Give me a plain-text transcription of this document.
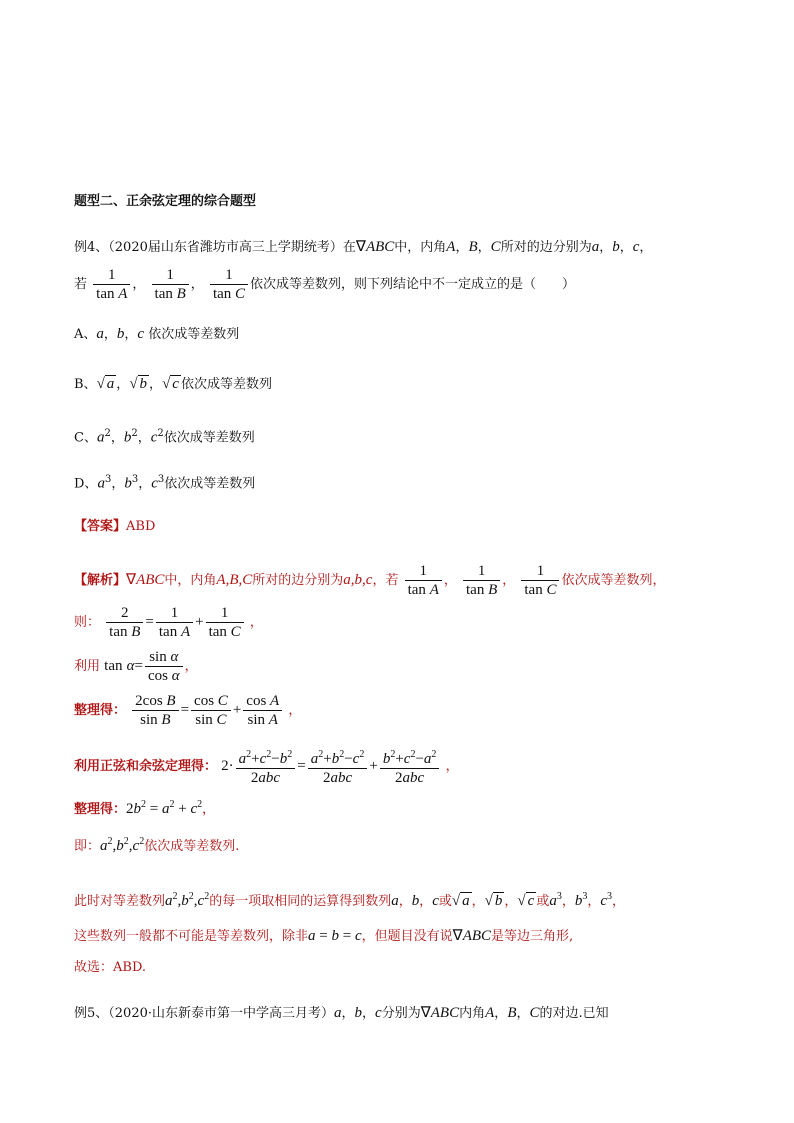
题型二、正余弦定理的综合题型
例4、（2020届山东省潍坊市高三上学期统考）在∇ABC中，内角A，B，C所对的边分别为a，b，c，
若 $\frac{1}{\text{tan A}}$ ， $\frac{1}{\text{tan B}}$ ， $\frac{1}{\text{tan C}}$ 依次成等差数列，则下列结论中不一定成立的是（　　）
A、a，b，c 依次成等差数列
B、√ a ，√ b ，√ c 依次成等差数列
C、$a^2$，$b^2$，$c^2$依次成等差数列
D、$a^3$，$b^3$，$c^3$依次成等差数列
【答案】ABD
【解析】∇ABC中，内角A,B,C所对的边分别为a,b,c，若 $\frac{1}{\text{tan A}}$ ， $\frac{1}{\text{tan B}}$ ， $\frac{1}{\text{tan C}}$ 依次成等差数列，
则： $\frac{2}{\text{tan B}} = \frac{1}{\text{tan A}} + \frac{1}{\text{tan C}}$ ，
利用 $\tan \alpha= \frac{\text{sin α}}{\text{cos α}}$ ，
整理得： $\frac{\text{2cos B}}{\text{sin B}} = \frac{\text{cos C}}{\text{sin C}} + \frac{\text{cos A}}{\text{sin A}}$ ，
利用正弦和余弦定理得： $2\cdot \frac{a^2+c^2-b^2}{\text{2abc}} = \frac{a^2+b^2-c^2}{\text{2abc}} + \frac{b^2+c^2-a^2}{\text{2abc}}$ ，
整理得：$2b^2 = a^2 + c^2$，
即：$a^2,b^2,c^2$依次成等差数列.
此时对等差数列$a^2,b^2,c^2$的每一项取相同的运算得到数列a，b，c或√ a ，√ b ，√ c 或$a^3$，$b^3$，$c^3$，
这些数列一般都不可能是等差数列，除非a = b = c，但题目没有说∇ABC是等边三角形,
故选：ABD.
例5、（2020·山东新泰市第一中学高三月考）a，b，c分别为∇ABC内角A，B，C的对边.已知
